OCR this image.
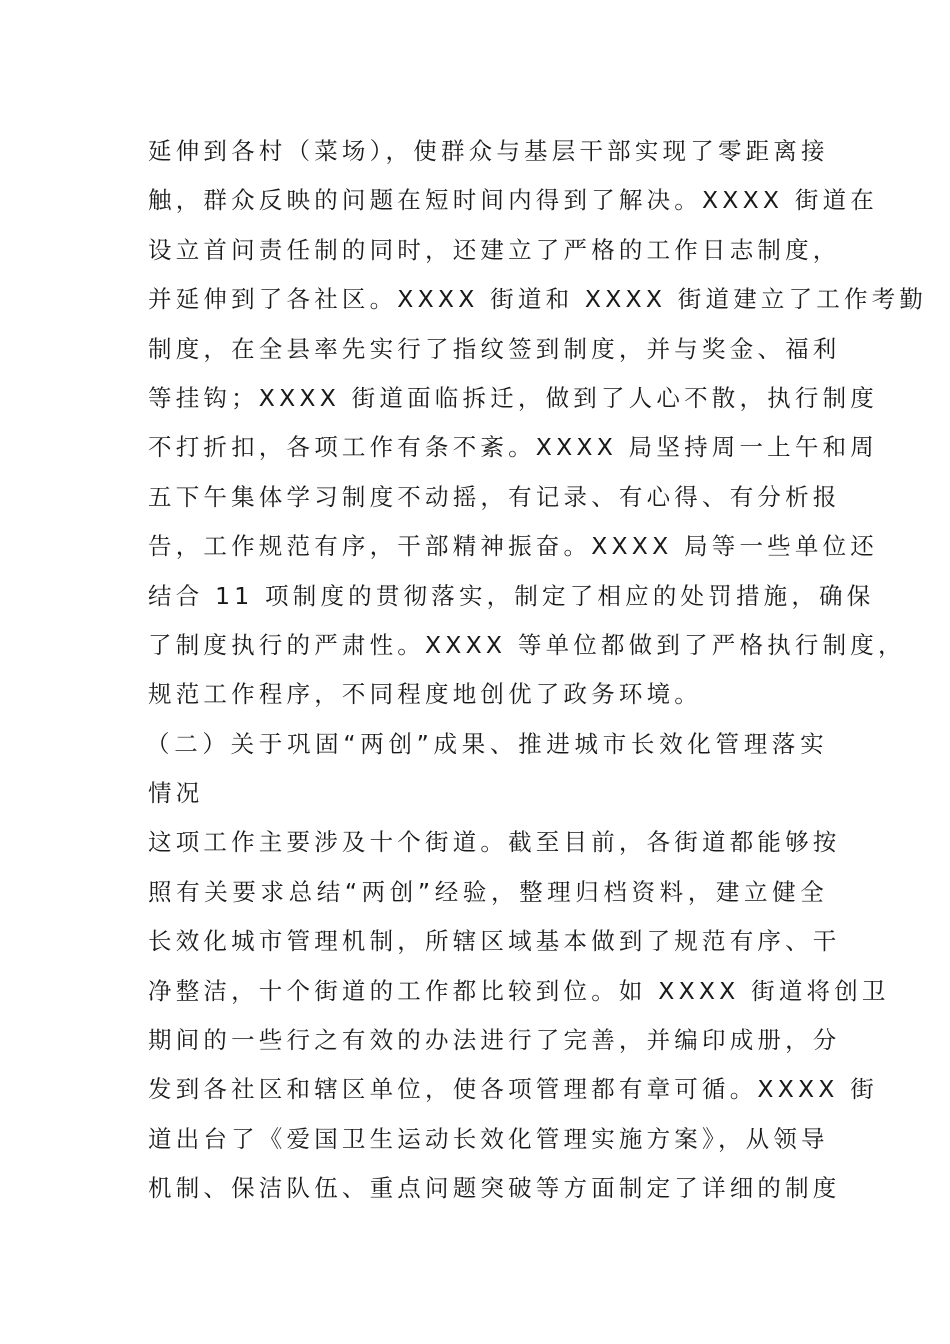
延伸到各村（菜场），使群众与基层干部实现了零距离接
触，群众反映的问题在短时间内得到了解决。XXXX 街道在
设立首问责任制的同时，还建立了严格的工作日志制度，
并延伸到了各社区。XXXX 街道和 XXXX 街道建立了工作考勤
制度，在全县率先实行了指纹签到制度，并与奖金、福利
等挂钩；XXXX 街道面临拆迁，做到了人心不散，执行制度
不打折扣，各项工作有条不紊。XXXX 局坚持周一上午和周
五下午集体学习制度不动摇，有记录、有心得、有分析报
告，工作规范有序，干部精神振奋。XXXX 局等一些单位还
结合 11 项制度的贯彻落实，制定了相应的处罚措施，确保
了制度执行的严肃性。XXXX 等单位都做到了严格执行制度，
规范工作程序，不同程度地创优了政务环境。
（二）关于巩固“两创”成果、推进城市长效化管理落实
情况
这项工作主要涉及十个街道。截至目前，各街道都能够按
照有关要求总结“两创”经验，整理归档资料，建立健全
长效化城市管理机制，所辖区域基本做到了规范有序、干
净整洁，十个街道的工作都比较到位。如 XXXX 街道将创卫
期间的一些行之有效的办法进行了完善，并编印成册，分
发到各社区和辖区单位，使各项管理都有章可循。XXXX 街
道出台了《爱国卫生运动长效化管理实施方案》，从领导
机制、保洁队伍、重点问题突破等方面制定了详细的制度
